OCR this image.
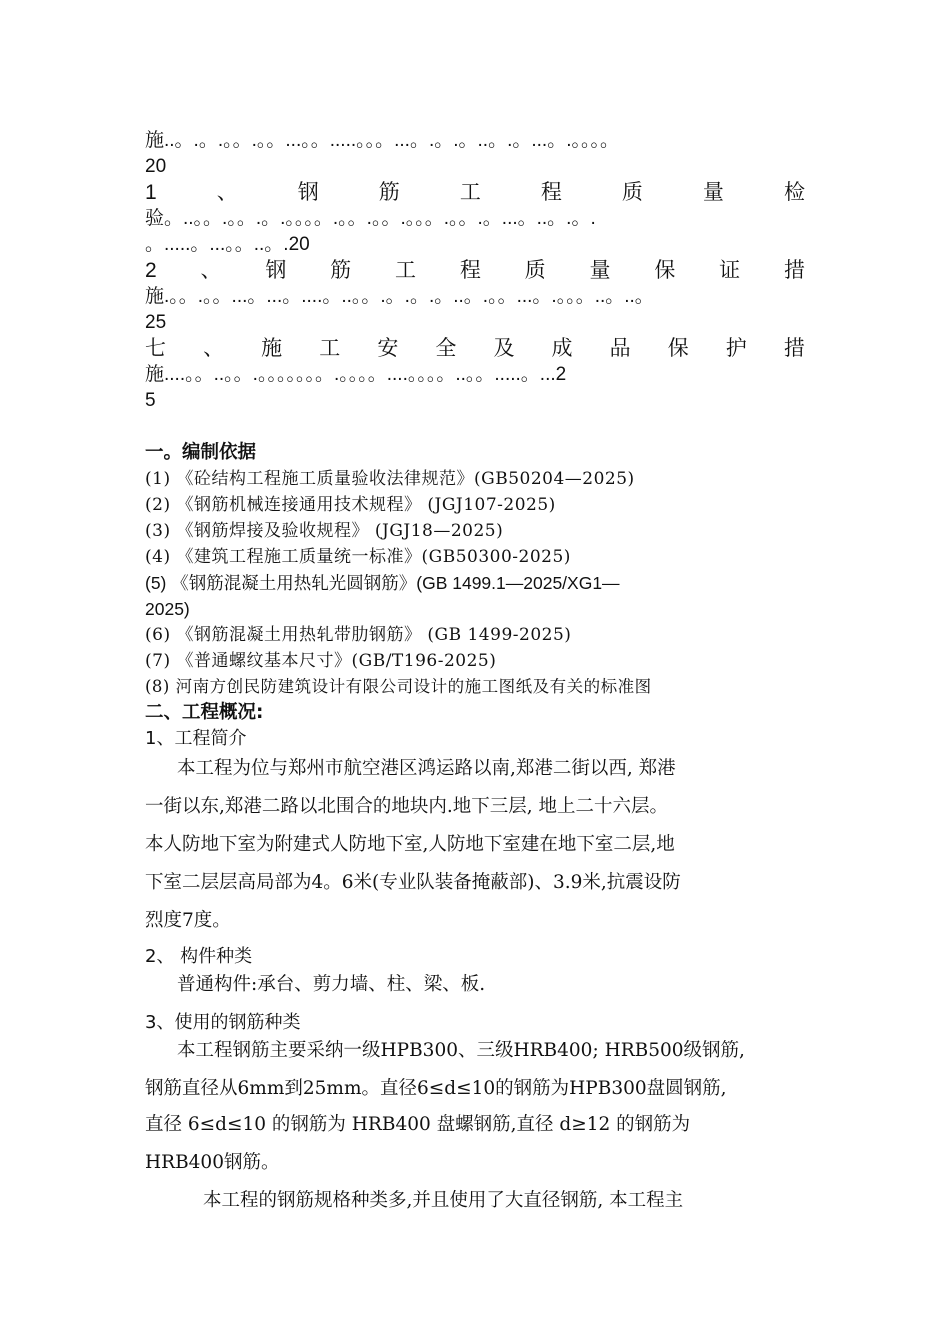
施..。.。.。。.。。...。。.....。。。...。.。.。..。.。...。.。。。。
20
1	、	钢	筋	工	程	质	量	检
验。..。。.。。.。.。。。。.。。.。。.。。。.。。.。...。..。.。.
。.....。...。。..。.20
2 、 钢 筋 工 程 质 量 保 证 措
施.。。.。。...。...。....。..。。.。.。.。..。.。。...。.。。。..。..。
25
七 、 施 工 安 全 及 成 品 保 护 措
施....。。..。。.。。。。。。。.。。。。....。。。。..。。.....。...2
5
一。编制依据
(1) 《砼结构工程施工质量验收法律规范》(GB50204—2025)
(2) 《钢筋机械连接通用技术规程》 (JGJ107-2025)
(3) 《钢筋焊接及验收规程》 (JGJ18—2025)
(4) 《建筑工程施工质量统一标准》(GB50300-2025)
(5) 《钢筋混凝土用热轧光圆钢筋》(GB 1499.1—2025/XG1—
2025)
(6) 《钢筋混凝土用热轧带肋钢筋》 (GB 1499-2025)
(7) 《普通螺纹基本尺寸》(GB/T196-2025)
(8) 河南方创民防建筑设计有限公司设计的施工图纸及有关的标准图
二、工程概况:
1、工程简介
本工程为位与郑州市航空港区鸿运路以南,郑港二街以西, 郑港
一街以东,郑港二路以北围合的地块内.地下三层, 地上二十六层。
本人防地下室为附建式人防地下室,人防地下室建在地下室二层,地
下室二层层高局部为4。6米(专业队装备掩蔽部)、3.9米,抗震设防
烈度7度。
2、 构件种类
普通构件:承台、剪力墙、柱、梁、板.
3、使用的钢筋种类
本工程钢筋主要采纳一级HPB300、三级HRB400; HRB500级钢筋,
钢筋直径从6mm到25mm。直径6≤d≤10的钢筋为HPB300盘圆钢筋,
直径 6≤d≤10 的钢筋为 HRB400 盘螺钢筋,直径 d≥12 的钢筋为
HRB400钢筋。
本工程的钢筋规格种类多,并且使用了大直径钢筋, 本工程主
